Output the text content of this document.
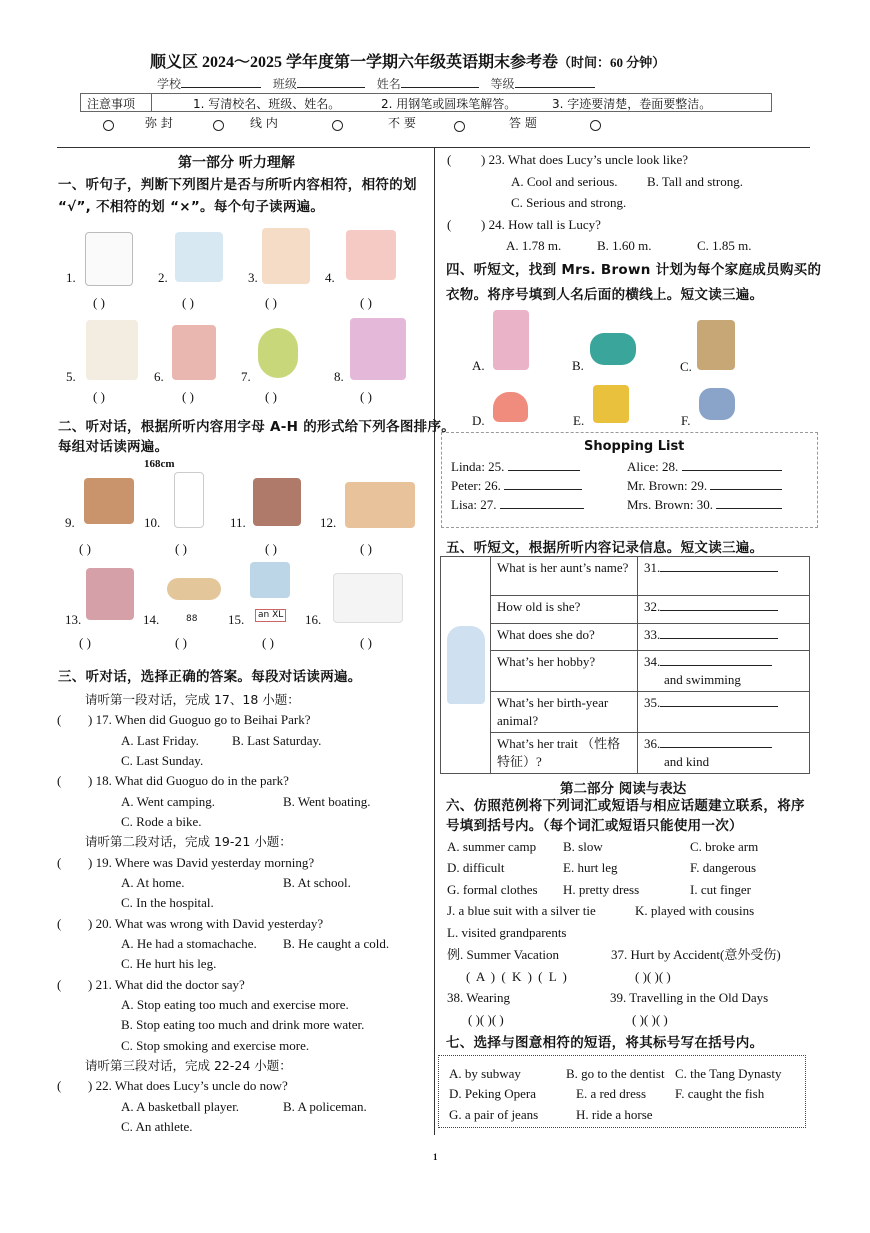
顺义区 2024～2025 学年度第一学期六年级英语期末参考卷（时间：60 分钟）
学校	班级	姓名	等级
注意事项	1. 写清校名、班级、姓名。	2. 用钢笔或圆珠笔解答。	3. 字迹要清楚，卷面要整洁。
弥 封	线 内	不 要	答 题
第一部分 听力理解
一、听句子，判断下列图片是否与所听内容相符，相符的划
“√”, 不相符的划 “×”。每个句子读两遍。
1.	2.	3.	4.
( )	( )	( )	( )
5.	6.	7.	8.
( )	( )	( )	( )
二、听对话，根据所听内容用字母 A-H 的形式给下列各图排序。
每组对话读两遍。
168cm
9.	10.	11.	12.
( )	( )	( )	( )
13.	14.	88 15.	an XL 16.
( )	( )	( )	( )
三、听对话，选择正确的答案。每段对话读两遍。
请听第一段对话，完成 17、18 小题：
( ) 17. When did Guoguo go to Beihai Park?
A. Last Friday.	B. Last Saturday.
C. Last Sunday.
( ) 18. What did Guoguo do in the park?
A. Went camping.	B. Went boating.
C. Rode a bike.
请听第二段对话，完成 19-21 小题：
( ) 19. Where was David yesterday morning?
A. At home.	B. At school.
C. In the hospital.
( ) 20. What was wrong with David yesterday?
A. He had a stomachache. B. He caught a cold.
C. He hurt his leg.
( ) 21. What did the doctor say?
A. Stop eating too much and exercise more.
B. Stop eating too much and drink more water.
C. Stop smoking and exercise more.
请听第三段对话，完成 22-24 小题：
( ) 22. What does Lucy’s uncle do now?
A. A basketball player.	B. A policeman.
C. An athlete.
( ) 23. What does Lucy’s uncle look like?
A. Cool and serious. B. Tall and strong.
C. Serious and strong.
( ) 24. How tall is Lucy?
A. 1.78 m.	B. 1.60 m.	C. 1.85 m.
四、听短文，找到 Mrs. Brown 计划为每个家庭成员购买的
衣物。将序号填到人名后面的横线上。短文读三遍。
A.	B.	C.
D.	E.	F.
Shopping List
Linda: 25.
Peter: 26.
Lisa: 27.
Alice: 28.
Mr. Brown: 29.
Mrs. Brown: 30.
五、听短文，根据所听内容记录信息。短文读三遍。
	What is her aunt’s name?	31.
	How old is she?	32.
	What does she do?	33.
	What’s her hobby?	34.
and swimming
	What’s her birth-year animal?	35.
	What’s her trait （性格特征）?	36.
and kind
第二部分 阅读与表达
六、仿照范例将下列词汇或短语与相应话题建立联系，将序
号填到括号内。（每个词汇或短语只能使用一次）
A. summer camp B. slow	C. broke arm
D. difficult	E. hurt leg	F. dangerous
G. formal clothes H. pretty dress	I. cut finger
J. a blue suit with a silver tie	K. played with cousins
L. visited grandparents
例. Summer Vacation	37. Hurt by Accident(意外受伤)
( A ) ( K ) ( L )	( )( )( )
38. Wearing	39. Travelling in the Old Days
( )( )( )	( )( )( )
七、选择与图意相符的短语，将其标号写在括号内。
A. by subway	B. go to the dentist C. the Tang Dynasty
D. Peking Opera	E. a red dress F. caught the fish
G. a pair of jeans	H. ride a horse
1
